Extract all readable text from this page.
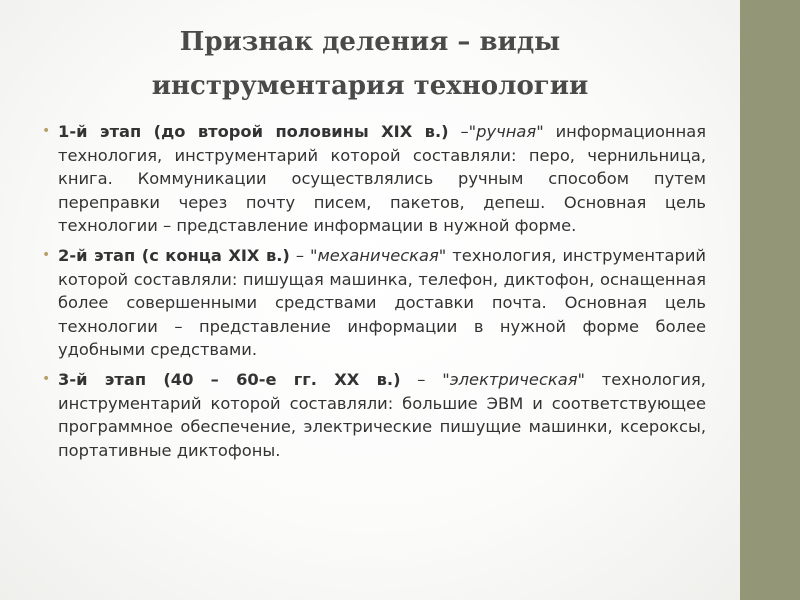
Признак деления – виды
инструментария технологии
• 1-й этап (до второй половины XIX в.) –"ручная" информационная технология, инструментарий которой составляли: перо, чернильница, книга. Коммуникации осуществлялись ручным способом путем переправки через почту писем, пакетов, депеш. Основная цель технологии – представление информации в нужной форме.
• 2-й этап (с конца XIX в.) – "механическая" технология, инструментарий которой составляли: пишущая машинка, телефон, диктофон, оснащенная более совершенными средствами доставки почта. Основная цель технологии – представление информации в нужной форме более удобными средствами.
• 3-й этап (40 – 60-е гг. XX в.) – "электрическая" технология, инструментарий которой составляли: большие ЭВМ и соответствующее программное обеспечение, электрические пишущие машинки, ксероксы, портативные диктофоны.
